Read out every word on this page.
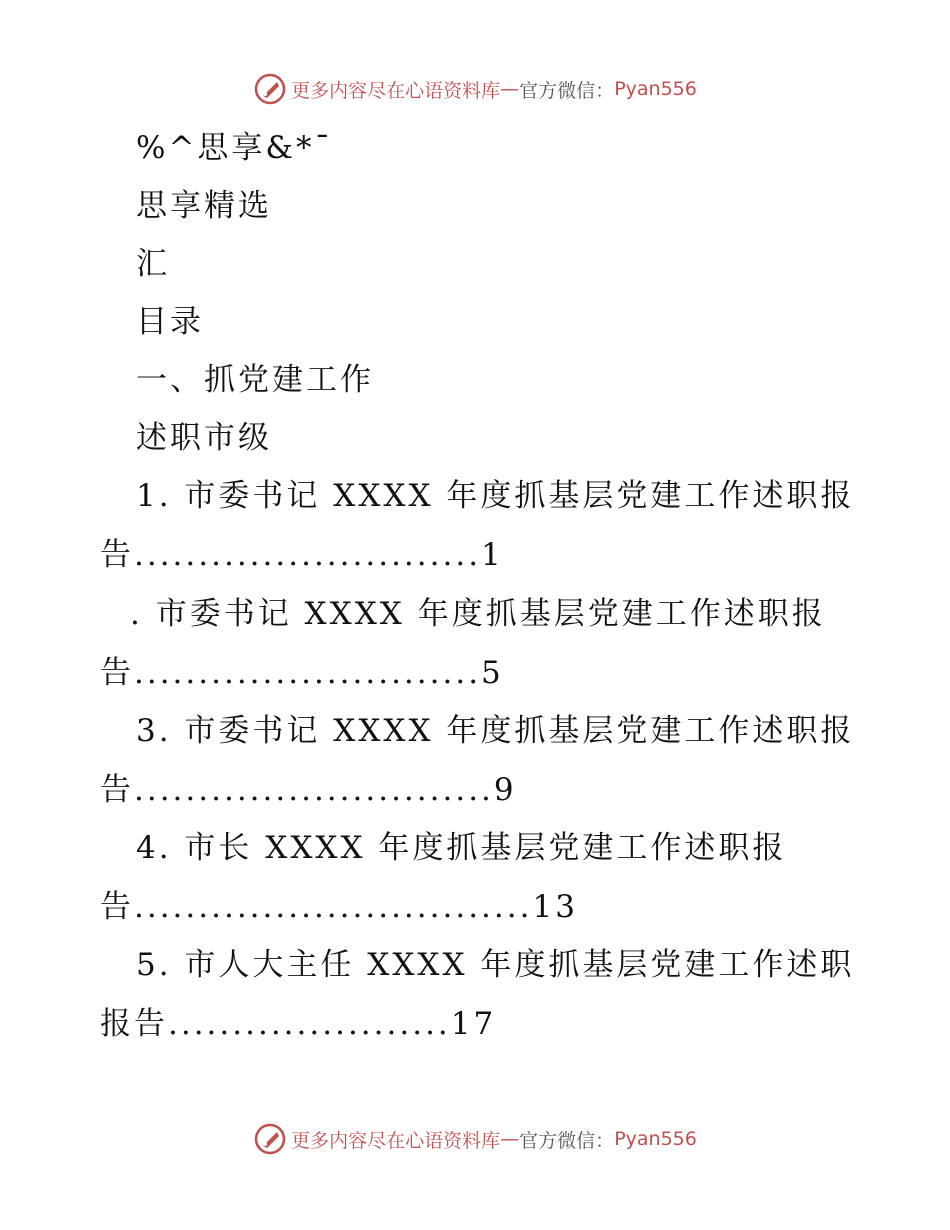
更多内容尽在心语资料库 — 官方微信： Pyan556
%^思享&*¯
思享精选
汇
目录
一、抓党建工作
述职市级
1. 市委书记 XXXX 年度抓基层党建工作述职报
告...........................1
. 市委书记 XXXX 年度抓基层党建工作述职报
告...........................5
3. 市委书记 XXXX 年度抓基层党建工作述职报
告............................9
4. 市长 XXXX 年度抓基层党建工作述职报
告...............................13
5. 市人大主任 XXXX 年度抓基层党建工作述职
报告......................17
更多内容尽在心语资料库 — 官方微信： Pyan556
